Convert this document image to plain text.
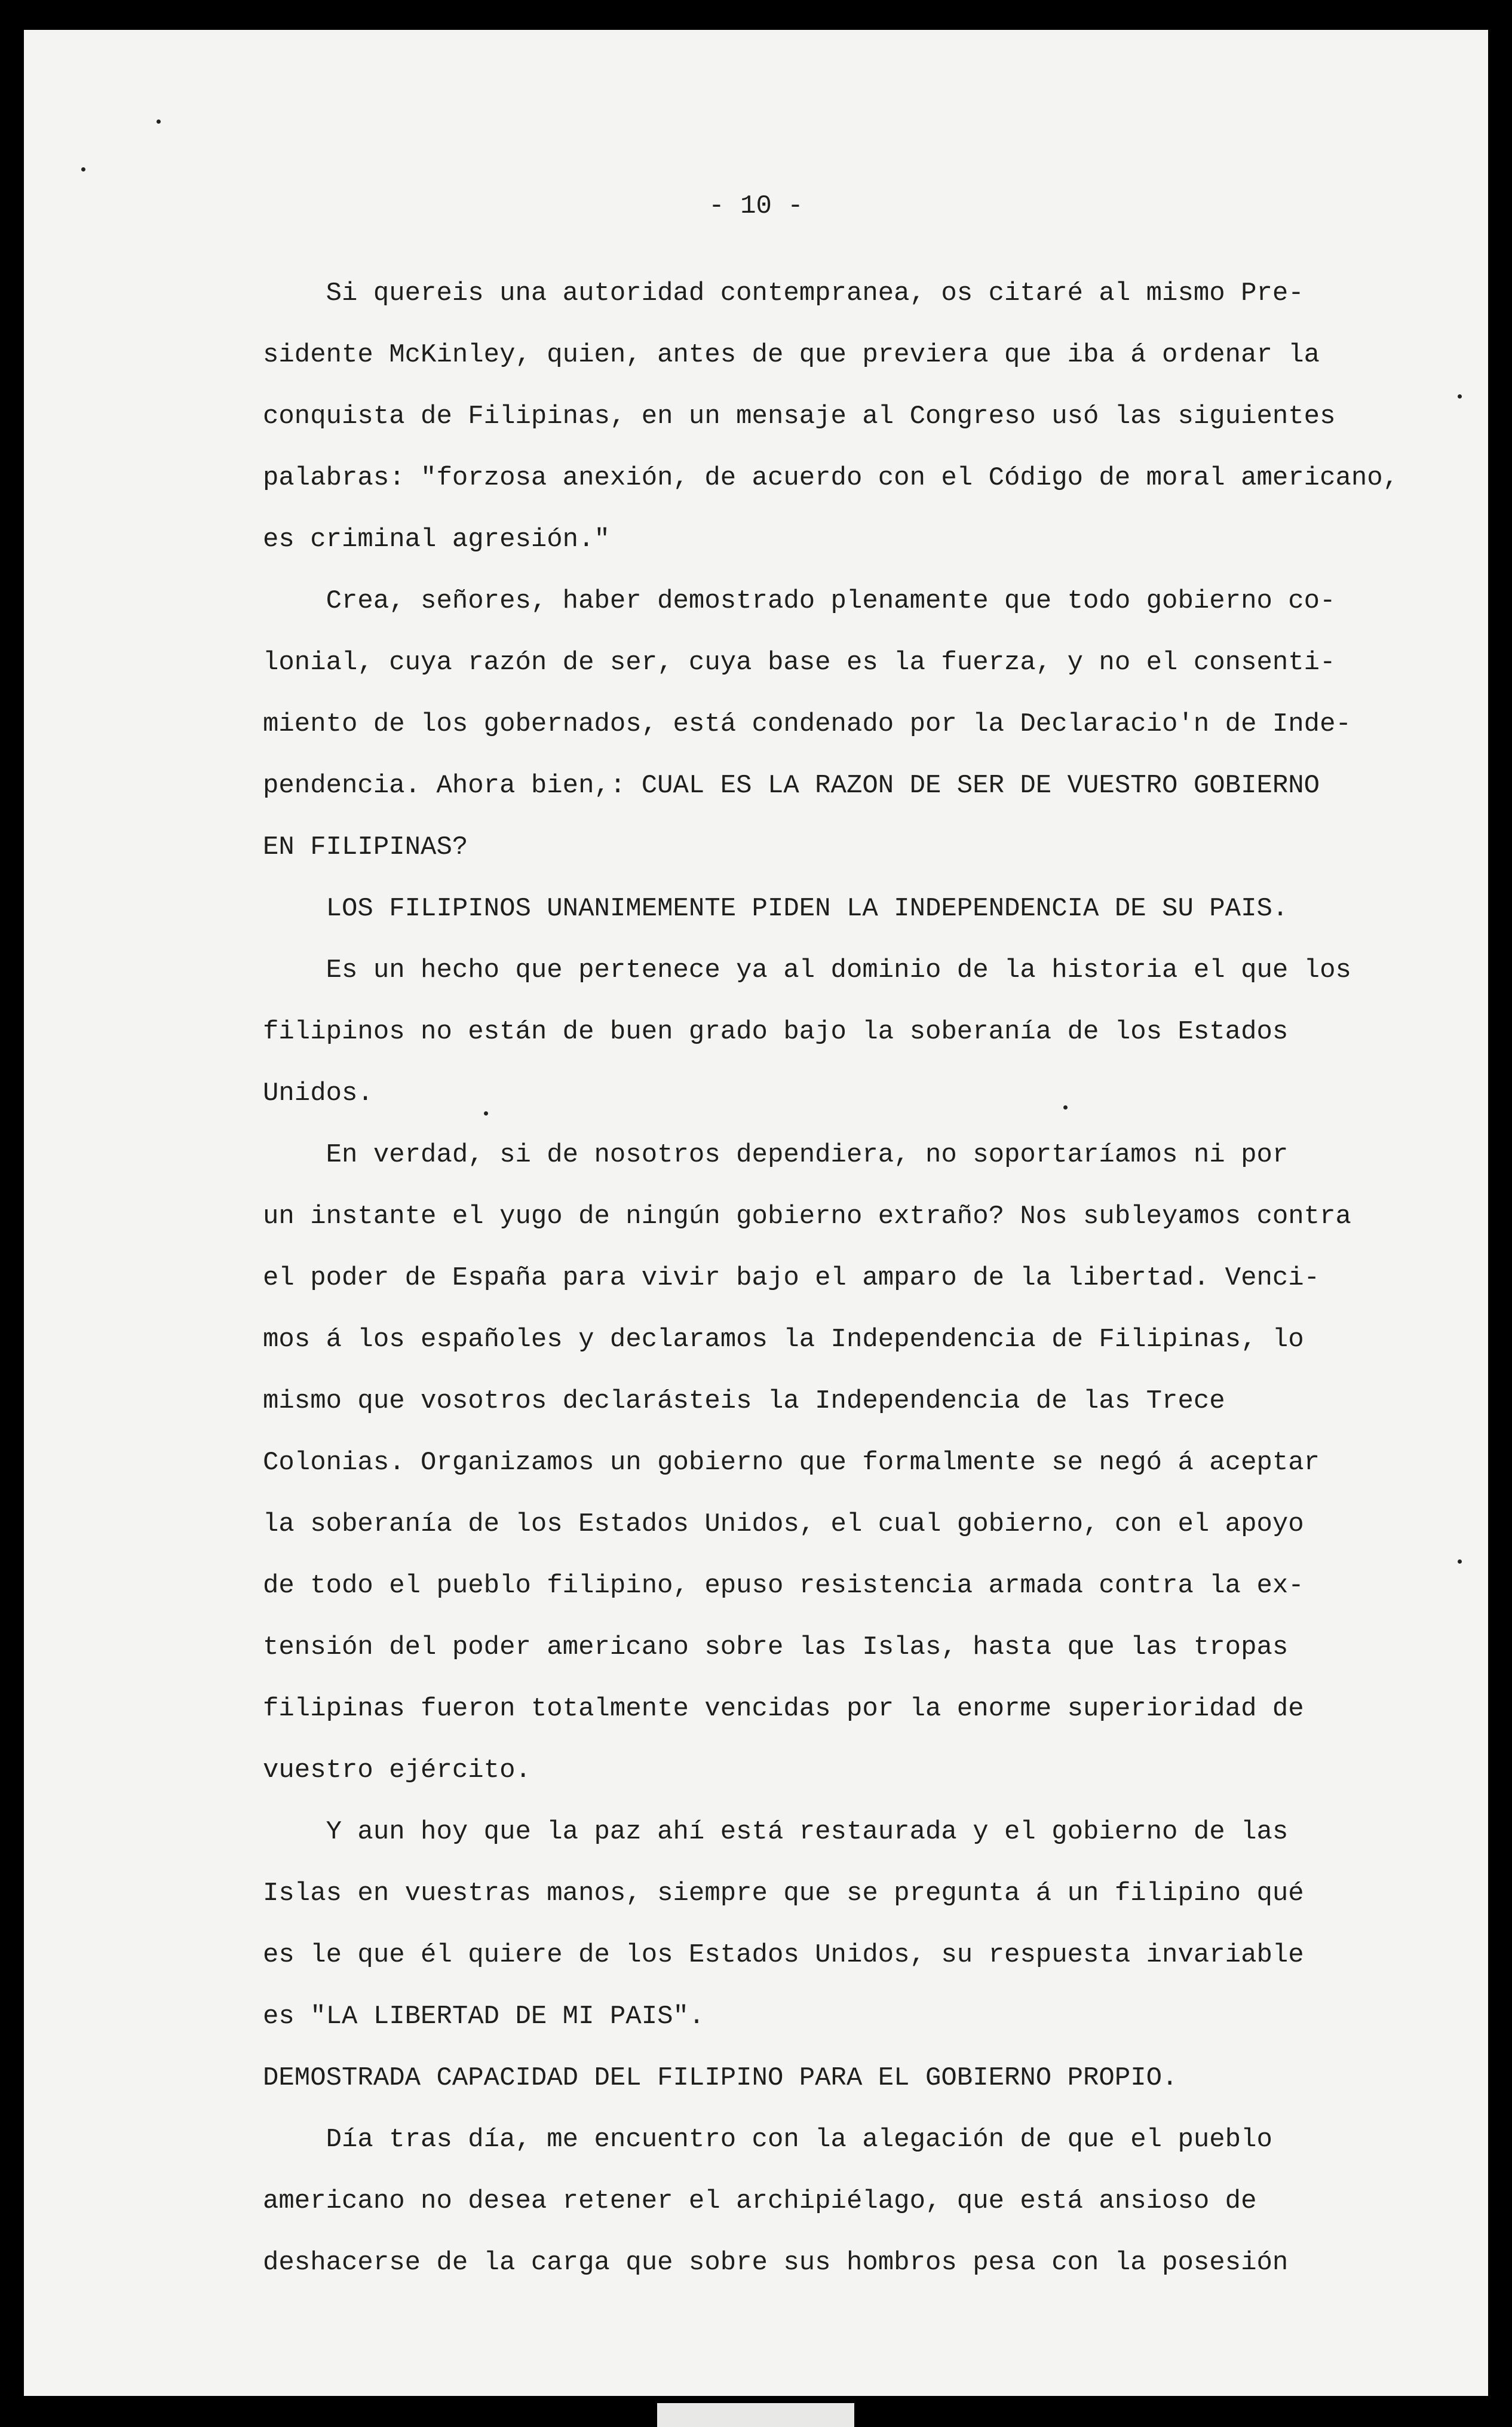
- 10 -
Si quereis una autoridad contempranea, os citaré al mismo Pre-
sidente McKinley, quien, antes de que previera que iba á ordenar la
conquista de Filipinas, en un mensaje al Congreso usó las siguientes
palabras: "forzosa anexión, de acuerdo con el Código de moral americano,
es criminal agresión."
Crea, señores, haber demostrado plenamente que todo gobierno co-
lonial, cuya razón de ser, cuya base es la fuerza, y no el consenti-
miento de los gobernados, está condenado por la Declaracio'n de Inde-
pendencia. Ahora bien,: CUAL ES LA RAZON DE SER DE VUESTRO GOBIERNO
EN FILIPINAS?
LOS FILIPINOS UNANIMEMENTE PIDEN LA INDEPENDENCIA DE SU PAIS.
Es un hecho que pertenece ya al dominio de la historia el que los
filipinos no están de buen grado bajo la soberanía de los Estados
Unidos.
En verdad, si de nosotros dependiera, no soportaríamos ni por
un instante el yugo de ningún gobierno extraño? Nos subleyamos contra
el poder de España para vivir bajo el amparo de la libertad. Venci-
mos á los españoles y declaramos la Independencia de Filipinas, lo
mismo que vosotros declarásteis la Independencia de las Trece
Colonias. Organizamos un gobierno que formalmente se negó á aceptar
la soberanía de los Estados Unidos, el cual gobierno, con el apoyo
de todo el pueblo filipino, epuso resistencia armada contra la ex-
tensión del poder americano sobre las Islas, hasta que las tropas
filipinas fueron totalmente vencidas por la enorme superioridad de
vuestro ejército.
Y aun hoy que la paz ahí está restaurada y el gobierno de las
Islas en vuestras manos, siempre que se pregunta á un filipino qué
es le que él quiere de los Estados Unidos, su respuesta invariable
es "LA LIBERTAD DE MI PAIS".
DEMOSTRADA CAPACIDAD DEL FILIPINO PARA EL GOBIERNO PROPIO.
Día tras día, me encuentro con la alegación de que el pueblo
americano no desea retener el archipiélago, que está ansioso de
deshacerse de la carga que sobre sus hombros pesa con la posesión
